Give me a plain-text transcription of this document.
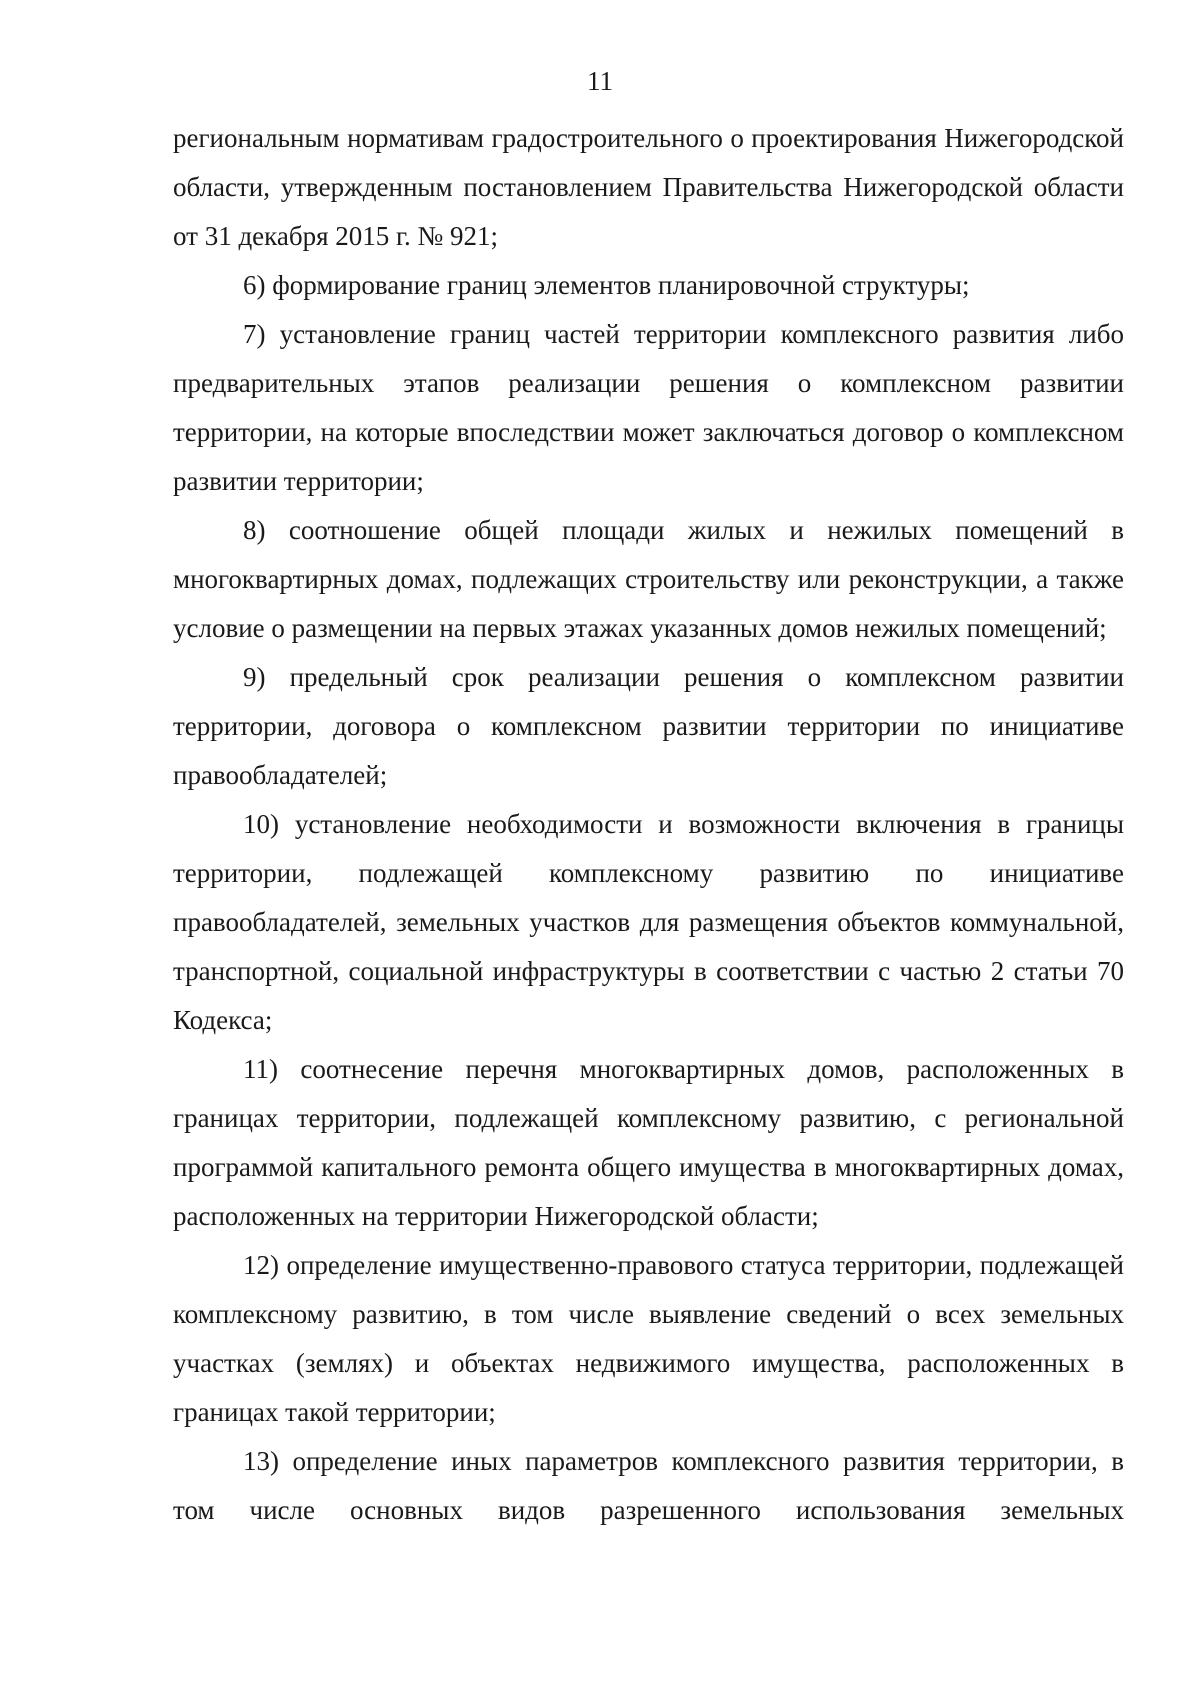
11

региональным нормативам градостроительного о проектирования Нижегородской области, утвержденным постановлением Правительства Нижегородской области от 31 декабря 2015 г. № 921;

6) формирование границ элементов планировочной структуры;

7) установление границ частей территории комплексного развития либо предварительных этапов реализации решения о комплексном развитии территории, на которые впоследствии может заключаться договор о комплексном развитии территории;

8) соотношение общей площади жилых и нежилых помещений в многоквартирных домах, подлежащих строительству или реконструкции, а также условие о размещении на первых этажах указанных домов нежилых помещений;

9) предельный срок реализации решения о комплексном развитии территории, договора о комплексном развитии территории по инициативе правообладателей;

10) установление необходимости и возможности включения в границы территории, подлежащей комплексному развитию по инициативе правообладателей, земельных участков для размещения объектов коммунальной, транспортной, социальной инфраструктуры в соответствии с частью 2 статьи 70 Кодекса;

11) соотнесение перечня многоквартирных домов, расположенных в границах территории, подлежащей комплексному развитию, с региональной программой капитального ремонта общего имущества в многоквартирных домах, расположенных на территории Нижегородской области;

12) определение имущественно-правового статуса территории, подлежащей комплексному развитию, в том числе выявление сведений о всех земельных участках (землях) и объектах недвижимого имущества, расположенных в границах такой территории;

13) определение иных параметров комплексного развития территории, в том числе основных видов разрешенного использования земельных
